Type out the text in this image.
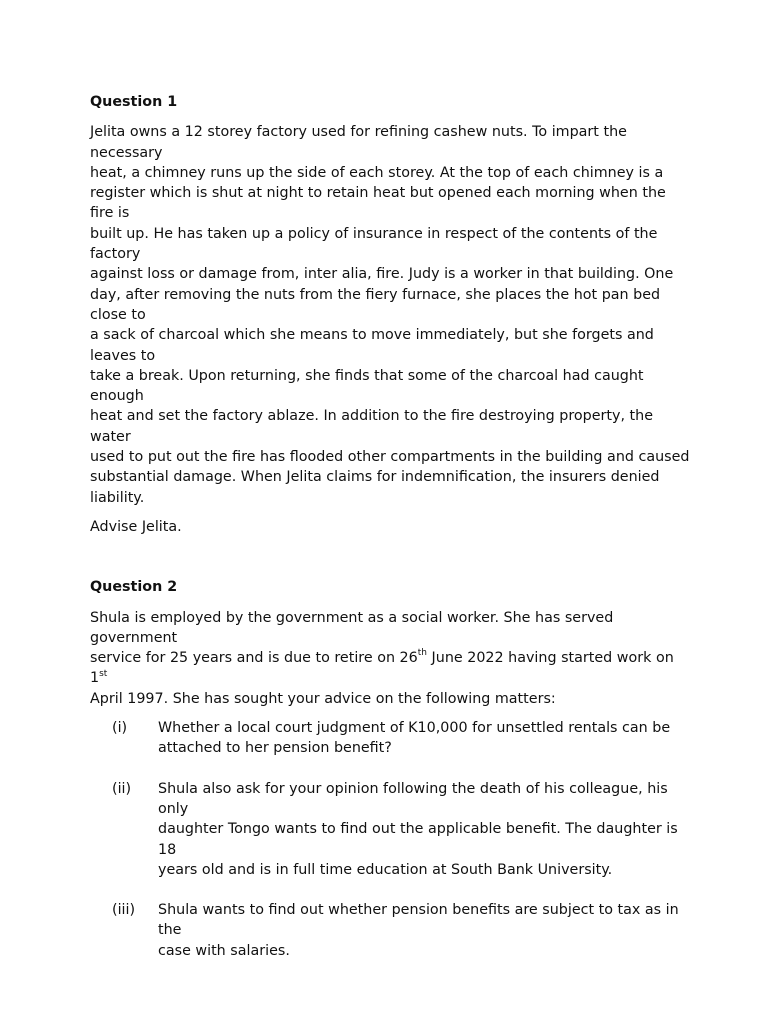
Question 1

Jelita owns a 12 storey factory used for refining cashew nuts. To impart the necessary
heat, a chimney runs up the side of each storey. At the top of each chimney is a
register which is shut at night to retain heat but opened each morning when the fire is
built up. He has taken up a policy of insurance in respect of the contents of the factory
against loss or damage from, inter alia, fire. Judy is a worker in that building. One
day, after removing the nuts from the fiery furnace, she places the hot pan bed close to
a sack of charcoal which she means to move immediately, but she forgets and leaves to
take a break. Upon returning, she finds that some of the charcoal had caught enough
heat and set the factory ablaze. In addition to the fire destroying property, the water
used to put out the fire has flooded other compartments in the building and caused
substantial damage. When Jelita claims for indemnification, the insurers denied liability.

Advise Jelita.

Question 2

Shula is employed by the government as a social worker. She has served government
service for 25 years and is due to retire on 26th June 2022 having started work on 1st
April 1997. She has sought your advice on the following matters:

(i)	Whether a local court judgment of K10,000 for unsettled rentals can be
attached to her pension benefit?
(ii)	Shula also ask for your opinion following the death of his colleague, his only
daughter Tongo wants to find out the applicable benefit. The daughter is 18
years old and is in full time education at South Bank University.
(iii)	Shula wants to find out whether pension benefits are subject to tax as in the
case with salaries.
